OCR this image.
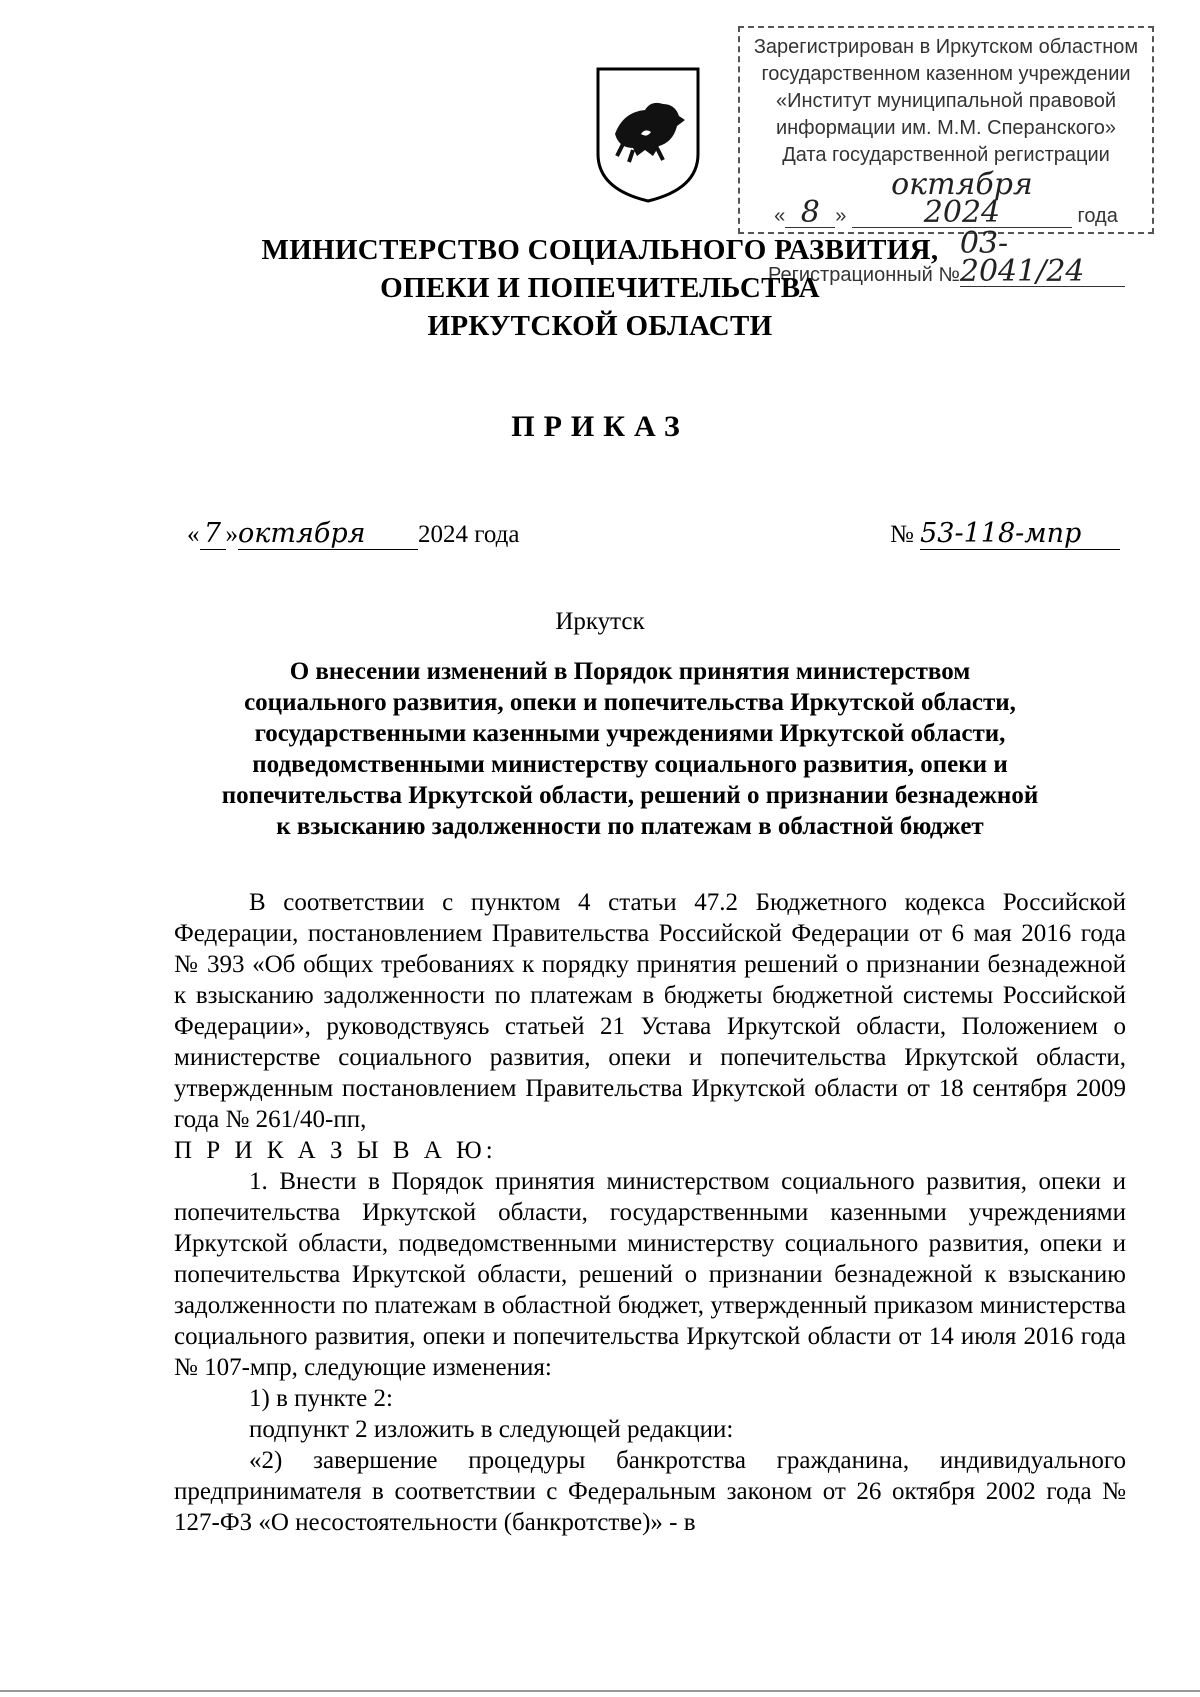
Зарегистрирован в Иркутском областном
государственном казенном учреждении
«Институт муниципальной правовой
информации им. М.М. Сперанского»
Дата государственной регистрации
« 8 » октября 2024	года
Регистрационный №03-2041/24
МИНИСТЕРСТВО СОЦИАЛЬНОГО РАЗВИТИЯ,
ОПЕКИ И ПОПЕЧИТЕЛЬСТВА
ИРКУТСКОЙ ОБЛАСТИ
ПРИКАЗ
« 7 »октября 2024 года	№ 53-118-мпр
Иркутск
О внесении изменений в Порядок принятия министерством
социального развития, опеки и попечительства Иркутской области,
государственными казенными учреждениями Иркутской области,
подведомственными министерству социального развития, опеки и
попечительства Иркутской области, решений о признании безнадежной
к взысканию задолженности по платежам в областной бюджет

В соответствии с пунктом 4 статьи 47.2 Бюджетного кодекса Российской Федерации, постановлением Правительства Российской Федерации от 6 мая 2016 года № 393 «Об общих требованиях к порядку принятия решений о признании безнадежной к взысканию задолженности по платежам в бюджеты бюджетной системы Российской Федерации», руководствуясь статьей 21 Устава Иркутской области, Положением о министерстве социального развития, опеки и попечительства Иркутской области, утвержденным постановлением Правительства Иркутской области от 18 сентября 2009 года № 261/40-пп,

П Р И К А З Ы В А Ю:

1. Внести в Порядок принятия министерством социального развития, опеки и попечительства Иркутской области, государственными казенными учреждениями Иркутской области, подведомственными министерству социального развития, опеки и попечительства Иркутской области, решений о признании безнадежной к взысканию задолженности по платежам в областной бюджет, утвержденный приказом министерства социального развития, опеки и попечительства Иркутской области от 14 июля 2016 года № 107-мпр, следующие изменения:

1) в пункте 2:

подпункт 2 изложить в следующей редакции:

«2) завершение процедуры банкротства гражданина, индивидуального предпринимателя в соответствии с Федеральным законом от 26 октября 2002 года № 127-ФЗ «О несостоятельности (банкротстве)» - в
